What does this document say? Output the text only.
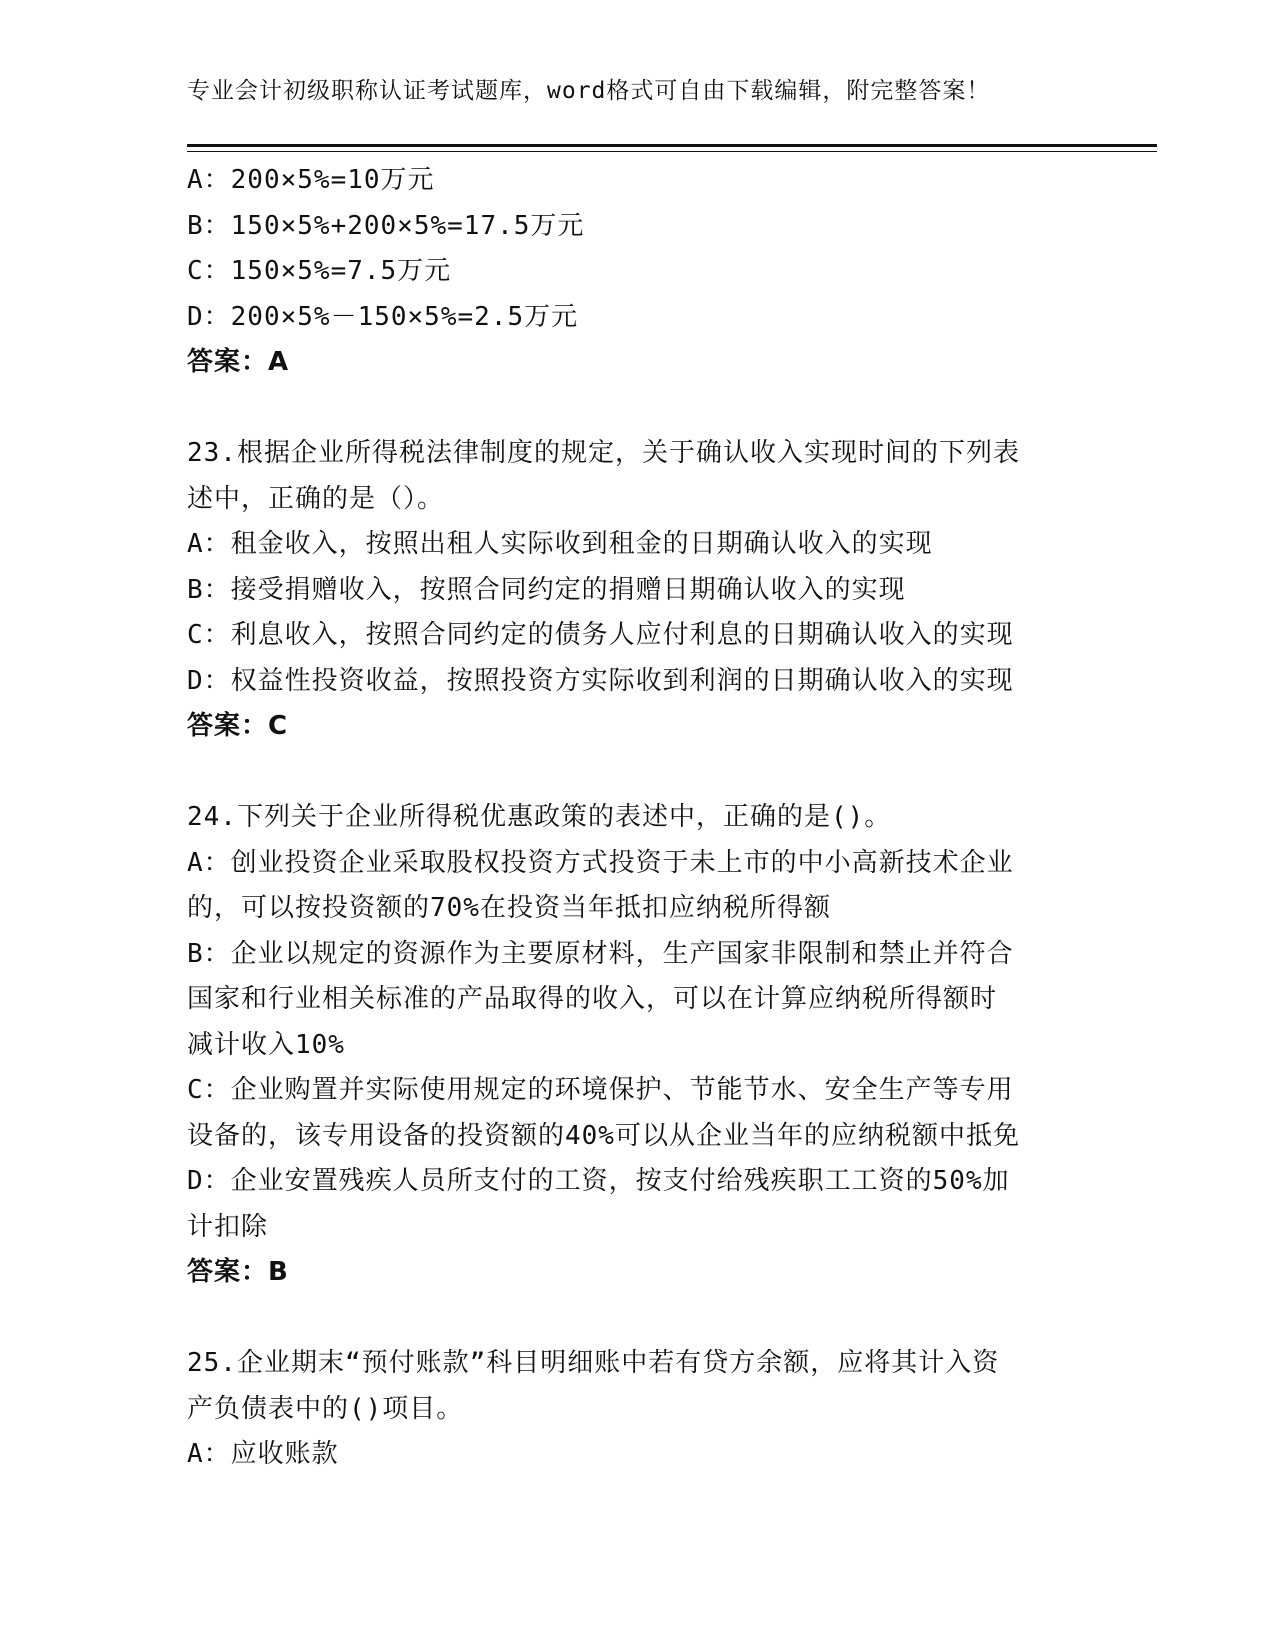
专业会计初级职称认证考试题库，word格式可自由下载编辑，附完整答案！
A：200×5%=10万元
B：150×5%+200×5%=17.5万元
C：150×5%=7.5万元
D：200×5%－150×5%=2.5万元
答案：A
23.根据企业所得税法律制度的规定，关于确认收入实现时间的下列表
述中，正确的是（）。
A：租金收入，按照出租人实际收到租金的日期确认收入的实现
B：接受捐赠收入，按照合同约定的捐赠日期确认收入的实现
C：利息收入，按照合同约定的债务人应付利息的日期确认收入的实现
D：权益性投资收益，按照投资方实际收到利润的日期确认收入的实现
答案：C
24.下列关于企业所得税优惠政策的表述中，正确的是()。
A：创业投资企业采取股权投资方式投资于未上市的中小高新技术企业
的，可以按投资额的70%在投资当年抵扣应纳税所得额
B：企业以规定的资源作为主要原材料，生产国家非限制和禁止并符合
国家和行业相关标准的产品取得的收入，可以在计算应纳税所得额时
减计收入10%
C：企业购置并实际使用规定的环境保护、节能节水、安全生产等专用
设备的，该专用设备的投资额的40%可以从企业当年的应纳税额中抵免
D：企业安置残疾人员所支付的工资，按支付给残疾职工工资的50%加
计扣除
答案：B
25.企业期末“预付账款”科目明细账中若有贷方余额，应将其计入资
产负债表中的()项目。
A：应收账款
